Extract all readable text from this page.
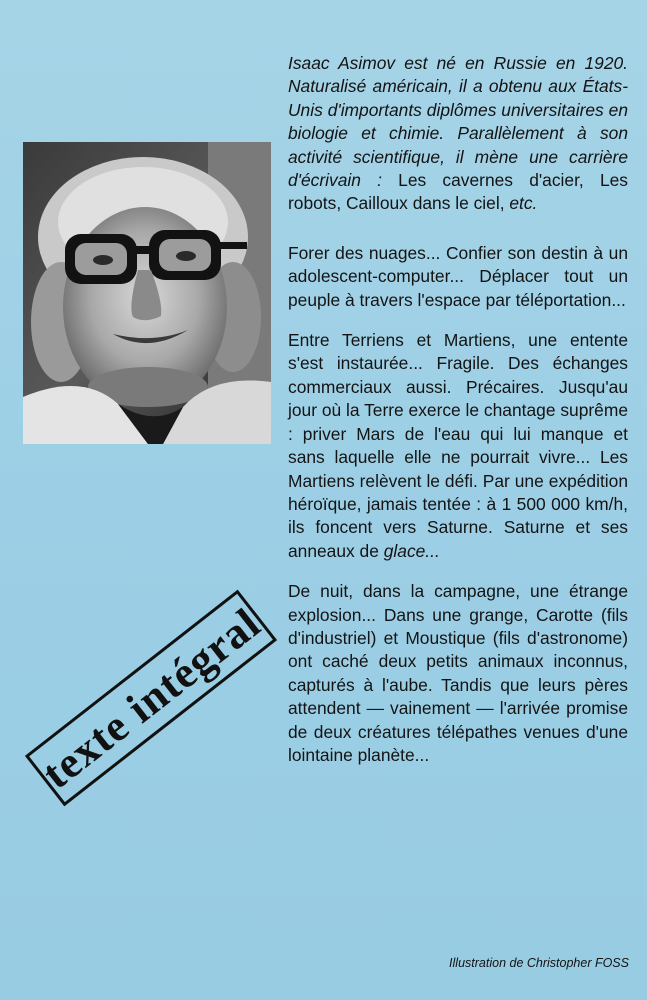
Isaac Asimov est né en Russie en 1920. Naturalisé américain, il a obtenu aux États-Unis d'importants diplômes universitaires en biologie et chimie. Parallèlement à son activité scientifique, il mène une carrière d'écrivain : Les cavernes d'acier, Les robots, Cailloux dans le ciel, etc.

Forer des nuages... Confier son destin à un adolescent-computer... Déplacer tout un peuple à travers l'espace par téléportation...

Entre Terriens et Martiens, une entente s'est instaurée... Fragile. Des échanges commerciaux aussi. Précaires. Jusqu'au jour où la Terre exerce le chantage suprême : priver Mars de l'eau qui lui manque et sans laquelle elle ne pourrait vivre... Les Martiens relèvent le défi. Par une expédition héroïque, jamais tentée : à 1 500 000 km/h, ils foncent vers Saturne. Saturne et ses anneaux de glace...

De nuit, dans la campagne, une étrange explosion... Dans une grange, Carotte (fils d'industriel) et Moustique (fils d'astronome) ont caché deux petits animaux inconnus, capturés à l'aube. Tandis que leurs pères attendent — vainement — l'arrivée promise de deux créatures télépathes venues d'une lointaine planète...

texte intégral
Illustration de Christopher FOSS
